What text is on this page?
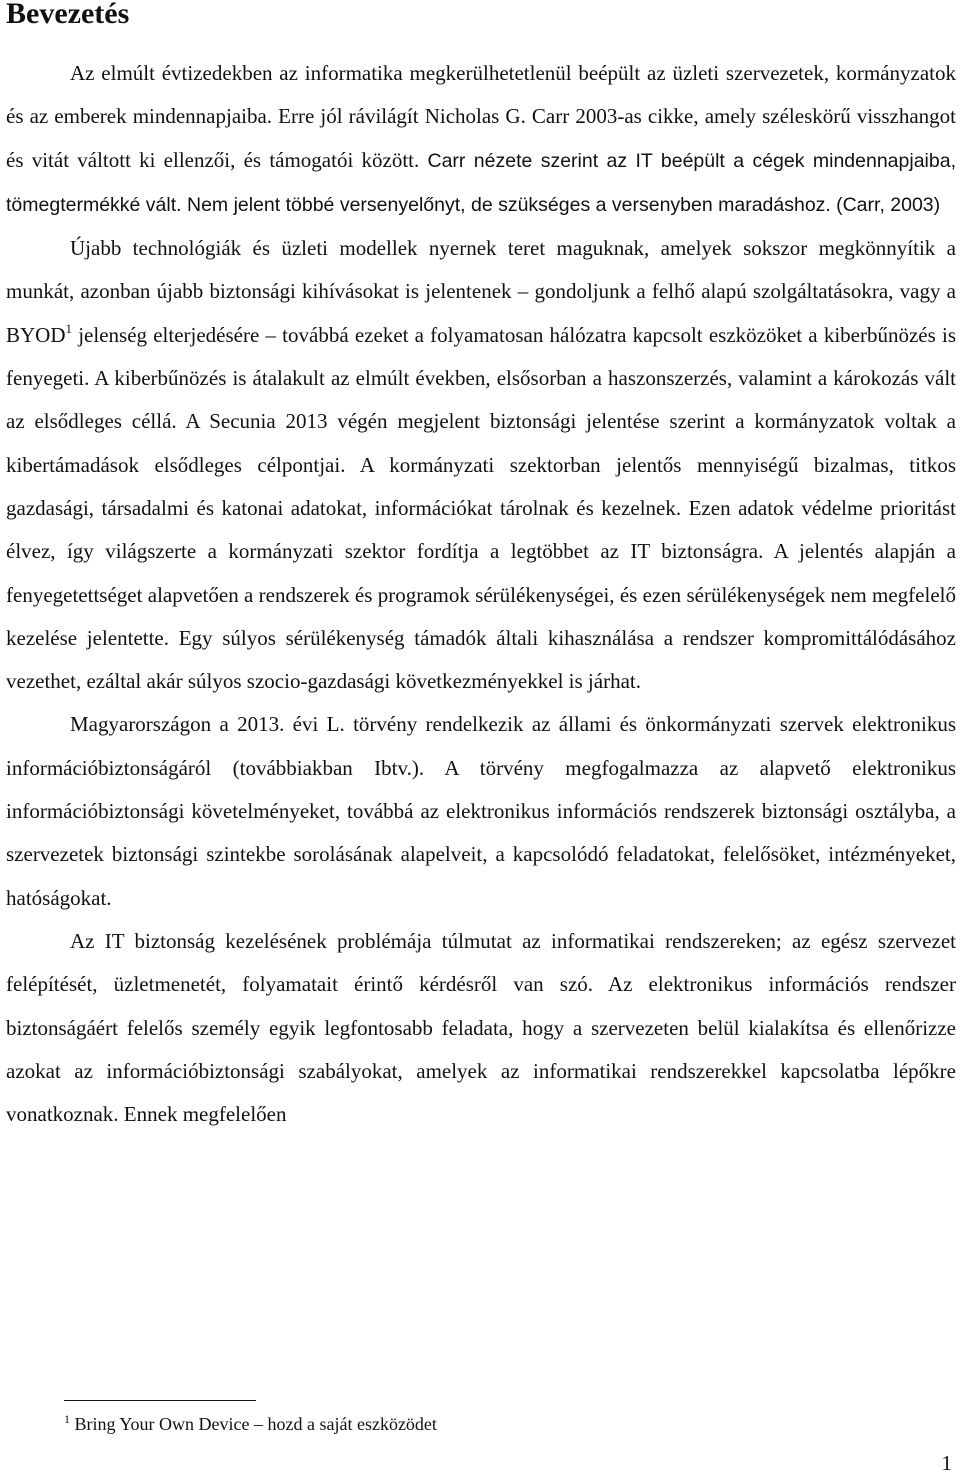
Bevezetés

Az elmúlt évtizedekben az informatika megkerülhetetlenül beépült az üzleti szervezetek, kormányzatok és az emberek mindennapjaiba. Erre jól rávilágít Nicholas G. Carr 2003-as cikke, amely széleskörű visszhangot és vitát váltott ki ellenzői, és támogatói között. Carr nézete szerint az IT beépült a cégek mindennapjaiba, tömegtermékké vált. Nem jelent többé versenyelőnyt, de szükséges a versenyben maradáshoz. (Carr, 2003)

Újabb technológiák és üzleti modellek nyernek teret maguknak, amelyek sokszor megkönnyítik a munkát, azonban újabb biztonsági kihívásokat is jelentenek – gondoljunk a felhő alapú szolgáltatásokra, vagy a BYOD$^1$ jelenség elterjedésére – továbbá ezeket a folyamatosan hálózatra kapcsolt eszközöket a kiberbűnözés is fenyegeti. A kiberbűnözés is átalakult az elmúlt években, elsősorban a haszonszerzés, valamint a károkozás vált az elsődleges céllá. A Secunia 2013 végén megjelent biztonsági jelentése szerint a kormányzatok voltak a kibertámadások elsődleges célpontjai. A kormányzati szektorban jelentős mennyiségű bizalmas, titkos gazdasági, társadalmi és katonai adatokat, információkat tárolnak és kezelnek. Ezen adatok védelme prioritást élvez, így világszerte a kormányzati szektor fordítja a legtöbbet az IT biztonságra. A jelentés alapján a fenyegetettséget alapvetően a rendszerek és programok sérülékenységei, és ezen sérülékenységek nem megfelelő kezelése jelentette. Egy súlyos sérülékenység támadók általi kihasználása a rendszer kompromittálódásához vezethet, ezáltal akár súlyos szocio-gazdasági következményekkel is járhat.

Magyarországon a 2013. évi L. törvény rendelkezik az állami és önkormányzati szervek elektronikus információbiztonságáról (továbbiakban Ibtv.). A törvény megfogalmazza az alapvető elektronikus információbiztonsági követelményeket, továbbá az elektronikus információs rendszerek biztonsági osztályba, a szervezetek biztonsági szintekbe sorolásának alapelveit, a kapcsolódó feladatokat, felelősöket, intézményeket, hatóságokat.

Az IT biztonság kezelésének problémája túlmutat az informatikai rendszereken; az egész szervezet felépítését, üzletmenetét, folyamatait érintő kérdésről van szó. Az elektronikus információs rendszer biztonságáért felelős személy egyik legfontosabb feladata, hogy a szervezeten belül kialakítsa és ellenőrizze azokat az információbiztonsági szabályokat, amelyek az informatikai rendszerekkel kapcsolatba lépőkre vonatkoznak. Ennek megfelelően

$^1$ Bring Your Own Device – hozd a saját eszközödet
1
